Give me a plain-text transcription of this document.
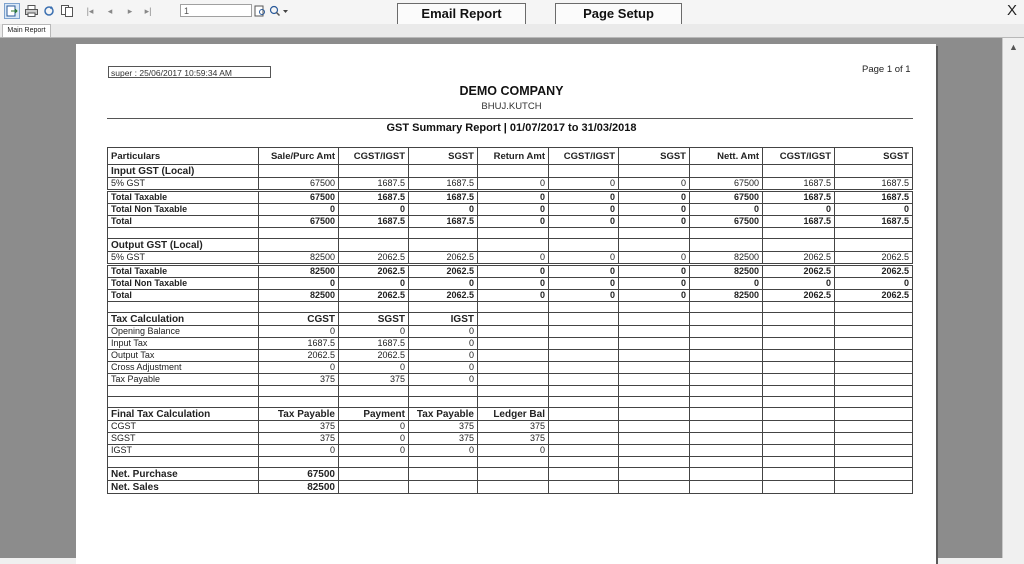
|◂	◂	▸	▸|	1	Email Report	Page Setup	X
Main Report
▲
super : 25/06/2017 10:59:34 AM	Page 1 of 1
DEMO COMPANY
BHUJ.KUTCH
GST Summary Report | 01/07/2017 to 31/03/2018
Particulars	Sale/Purc Amt	CGST/IGST	SGST	Return Amt	CGST/IGST	SGST	Nett. Amt	CGST/IGST	SGST
Input GST (Local)									
5% GST	67500	1687.5	1687.5	0	0	0	67500	1687.5	1687.5
Total Taxable	67500	1687.5	1687.5	0	0	0	67500	1687.5	1687.5
Total Non Taxable	0	0	0	0	0	0	0	0	0
Total	67500	1687.5	1687.5	0	0	0	67500	1687.5	1687.5

Output GST (Local)									
5% GST	82500	2062.5	2062.5	0	0	0	82500	2062.5	2062.5
Total Taxable	82500	2062.5	2062.5	0	0	0	82500	2062.5	2062.5
Total Non Taxable	0	0	0	0	0	0	0	0	0
Total	82500	2062.5	2062.5	0	0	0	82500	2062.5	2062.5

Tax Calculation	CGST	SGST	IGST						
Opening Balance	0	0	0						
Input Tax	1687.5	1687.5	0						
Output Tax	2062.5	2062.5	0						
Cross Adjustment	0	0	0						
Tax Payable	375	375	0						

Final Tax Calculation	Tax Payable	Payment	Tax Payable	Ledger Bal					
CGST	375	0	375	375					
SGST	375	0	375	375					
IGST	0	0	0	0					

Net. Purchase	67500								
Net. Sales	82500								
